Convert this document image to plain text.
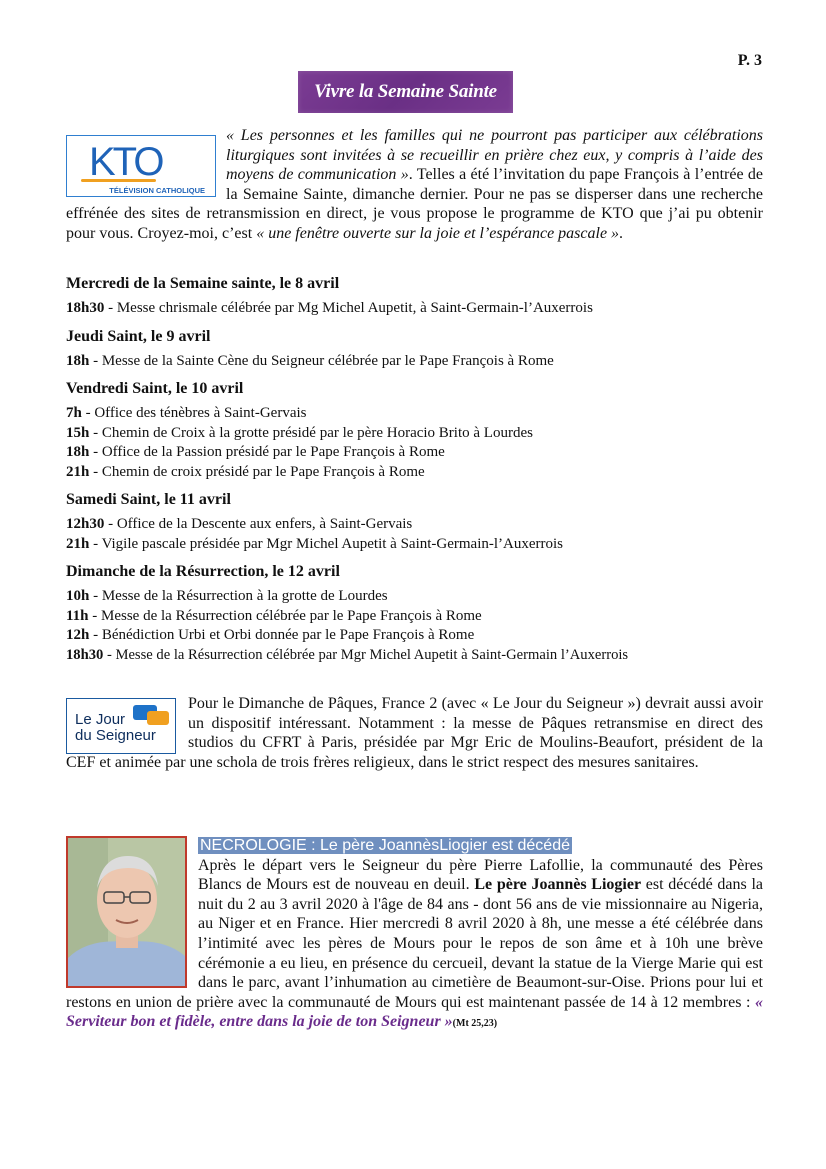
P. 3
Vivre la Semaine Sainte
« Les personnes et les familles qui ne pourront pas participer aux célébrations liturgiques sont invitées à se recueillir en prière chez eux, y compris à l’aide des moyens de communication ». Telles a été l’invitation du pape François à l’entrée de la Semaine Sainte, dimanche dernier. Pour ne pas se disperser dans une recherche effrénée des sites de retransmission en direct, je vous propose le programme de KTO que j’ai pu obtenir pour vous. Croyez-moi, c’est « une fenêtre ouverte sur la joie et l’espérance pascale ».
KTO
TÉLÉVISION CATHOLIQUE
Mercredi de la Semaine sainte, le 8 avril
18h30 - Messe chrismale célébrée par Mg Michel Aupetit, à Saint-Germain-l’Auxerrois
Jeudi Saint, le 9 avril
18h - Messe de la Sainte Cène du Seigneur célébrée par le Pape François à Rome
Vendredi Saint, le 10 avril
7h - Office des ténèbres à Saint-Gervais
15h - Chemin de Croix à la grotte présidé par le père Horacio Brito à Lourdes
18h - Office de la Passion présidé par le Pape François à Rome
21h - Chemin de croix présidé par le Pape François à Rome
Samedi Saint, le 11 avril
12h30 - Office de la Descente aux enfers, à Saint-Gervais
21h - Vigile pascale présidée par Mgr Michel Aupetit à Saint-Germain-l’Auxerrois
Dimanche de la Résurrection, le 12 avril
10h - Messe de la Résurrection à la grotte de Lourdes
11h - Messe de la Résurrection célébrée par le Pape François à Rome
12h - Bénédiction Urbi et Orbi donnée par le Pape François à Rome
18h30 - Messe de la Résurrection célébrée par Mgr Michel Aupetit à Saint-Germain l’Auxerrois
Pour le Dimanche de Pâques, France 2 (avec « Le Jour du Seigneur ») devrait aussi avoir un dispositif intéressant. Notamment : la messe de Pâques retransmise en direct des studios du CFRT à Paris, présidée par Mgr Eric de Moulins-Beaufort, président de la CEF et animée par une schola de trois frères religieux, dans le strict respect des mesures sanitaires.
Le Jour
du Seigneur
NECROLOGIE : Le père JoannèsLiogier est décédé
Après le départ vers le Seigneur du père Pierre Lafollie, la communauté des Pères Blancs de Mours est de nouveau en deuil. Le père Joannès Liogier est décédé dans la nuit du 2 au 3 avril 2020 à l'âge de 84 ans - dont 56 ans de vie missionnaire au Nigeria, au Niger et en France. Hier mercredi 8 avril 2020 à 8h, une messe a été célébrée dans l’intimité avec les pères de Mours pour le repos de son âme et à 10h une brève cérémonie a eu lieu, en présence du cercueil, devant la statue de la Vierge Marie qui est dans le parc, avant l’inhumation au cimetière de Beaumont-sur-Oise. Prions pour lui et restons en union de prière avec la communauté de Mours qui est maintenant passée de 14 à 12 membres : « Serviteur bon et fidèle, entre dans la joie de ton Seigneur »(Mt 25,23)
